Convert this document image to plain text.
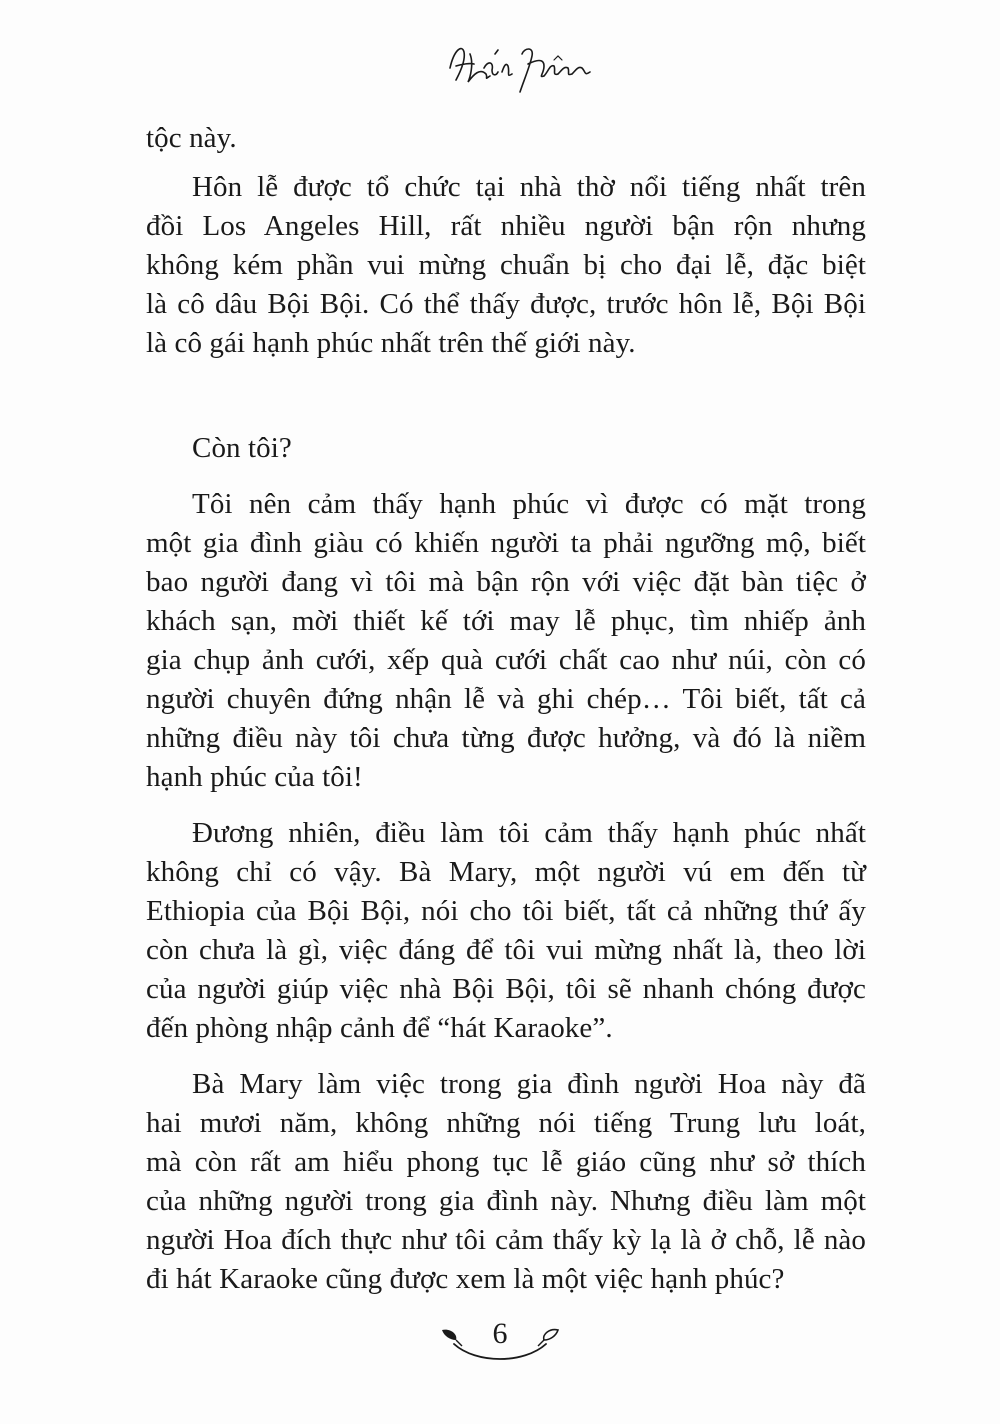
tộc này.
Hôn lễ được tổ chức tại nhà thờ nổi tiếng nhất trên
đồi Los Angeles Hill, rất nhiều người bận rộn nhưng
không kém phần vui mừng chuẩn bị cho đại lễ, đặc biệt
là cô dâu Bội Bội. Có thể thấy được, trước hôn lễ, Bội Bội
là cô gái hạnh phúc nhất trên thế giới này.
Còn tôi?
Tôi nên cảm thấy hạnh phúc vì được có mặt trong
một gia đình giàu có khiến người ta phải ngưỡng mộ, biết
bao người đang vì tôi mà bận rộn với việc đặt bàn tiệc ở
khách sạn, mời thiết kế tới may lễ phục, tìm nhiếp ảnh
gia chụp ảnh cưới, xếp quà cưới chất cao như núi, còn có
người chuyên đứng nhận lễ và ghi chép… Tôi biết, tất cả
những điều này tôi chưa từng được hưởng, và đó là niềm
hạnh phúc của tôi!
Đương nhiên, điều làm tôi cảm thấy hạnh phúc nhất
không chỉ có vậy. Bà Mary, một người vú em đến từ
Ethiopia của Bội Bội, nói cho tôi biết, tất cả những thứ ấy
còn chưa là gì, việc đáng để tôi vui mừng nhất là, theo lời
của người giúp việc nhà Bội Bội, tôi sẽ nhanh chóng được
đến phòng nhập cảnh để “hát Karaoke”.
Bà Mary làm việc trong gia đình người Hoa này đã
hai mươi năm, không những nói tiếng Trung lưu loát,
mà còn rất am hiểu phong tục lễ giáo cũng như sở thích
của những người trong gia đình này. Nhưng điều làm một
người Hoa đích thực như tôi cảm thấy kỳ lạ là ở chỗ, lễ nào
đi hát Karaoke cũng được xem là một việc hạnh phúc?
6
